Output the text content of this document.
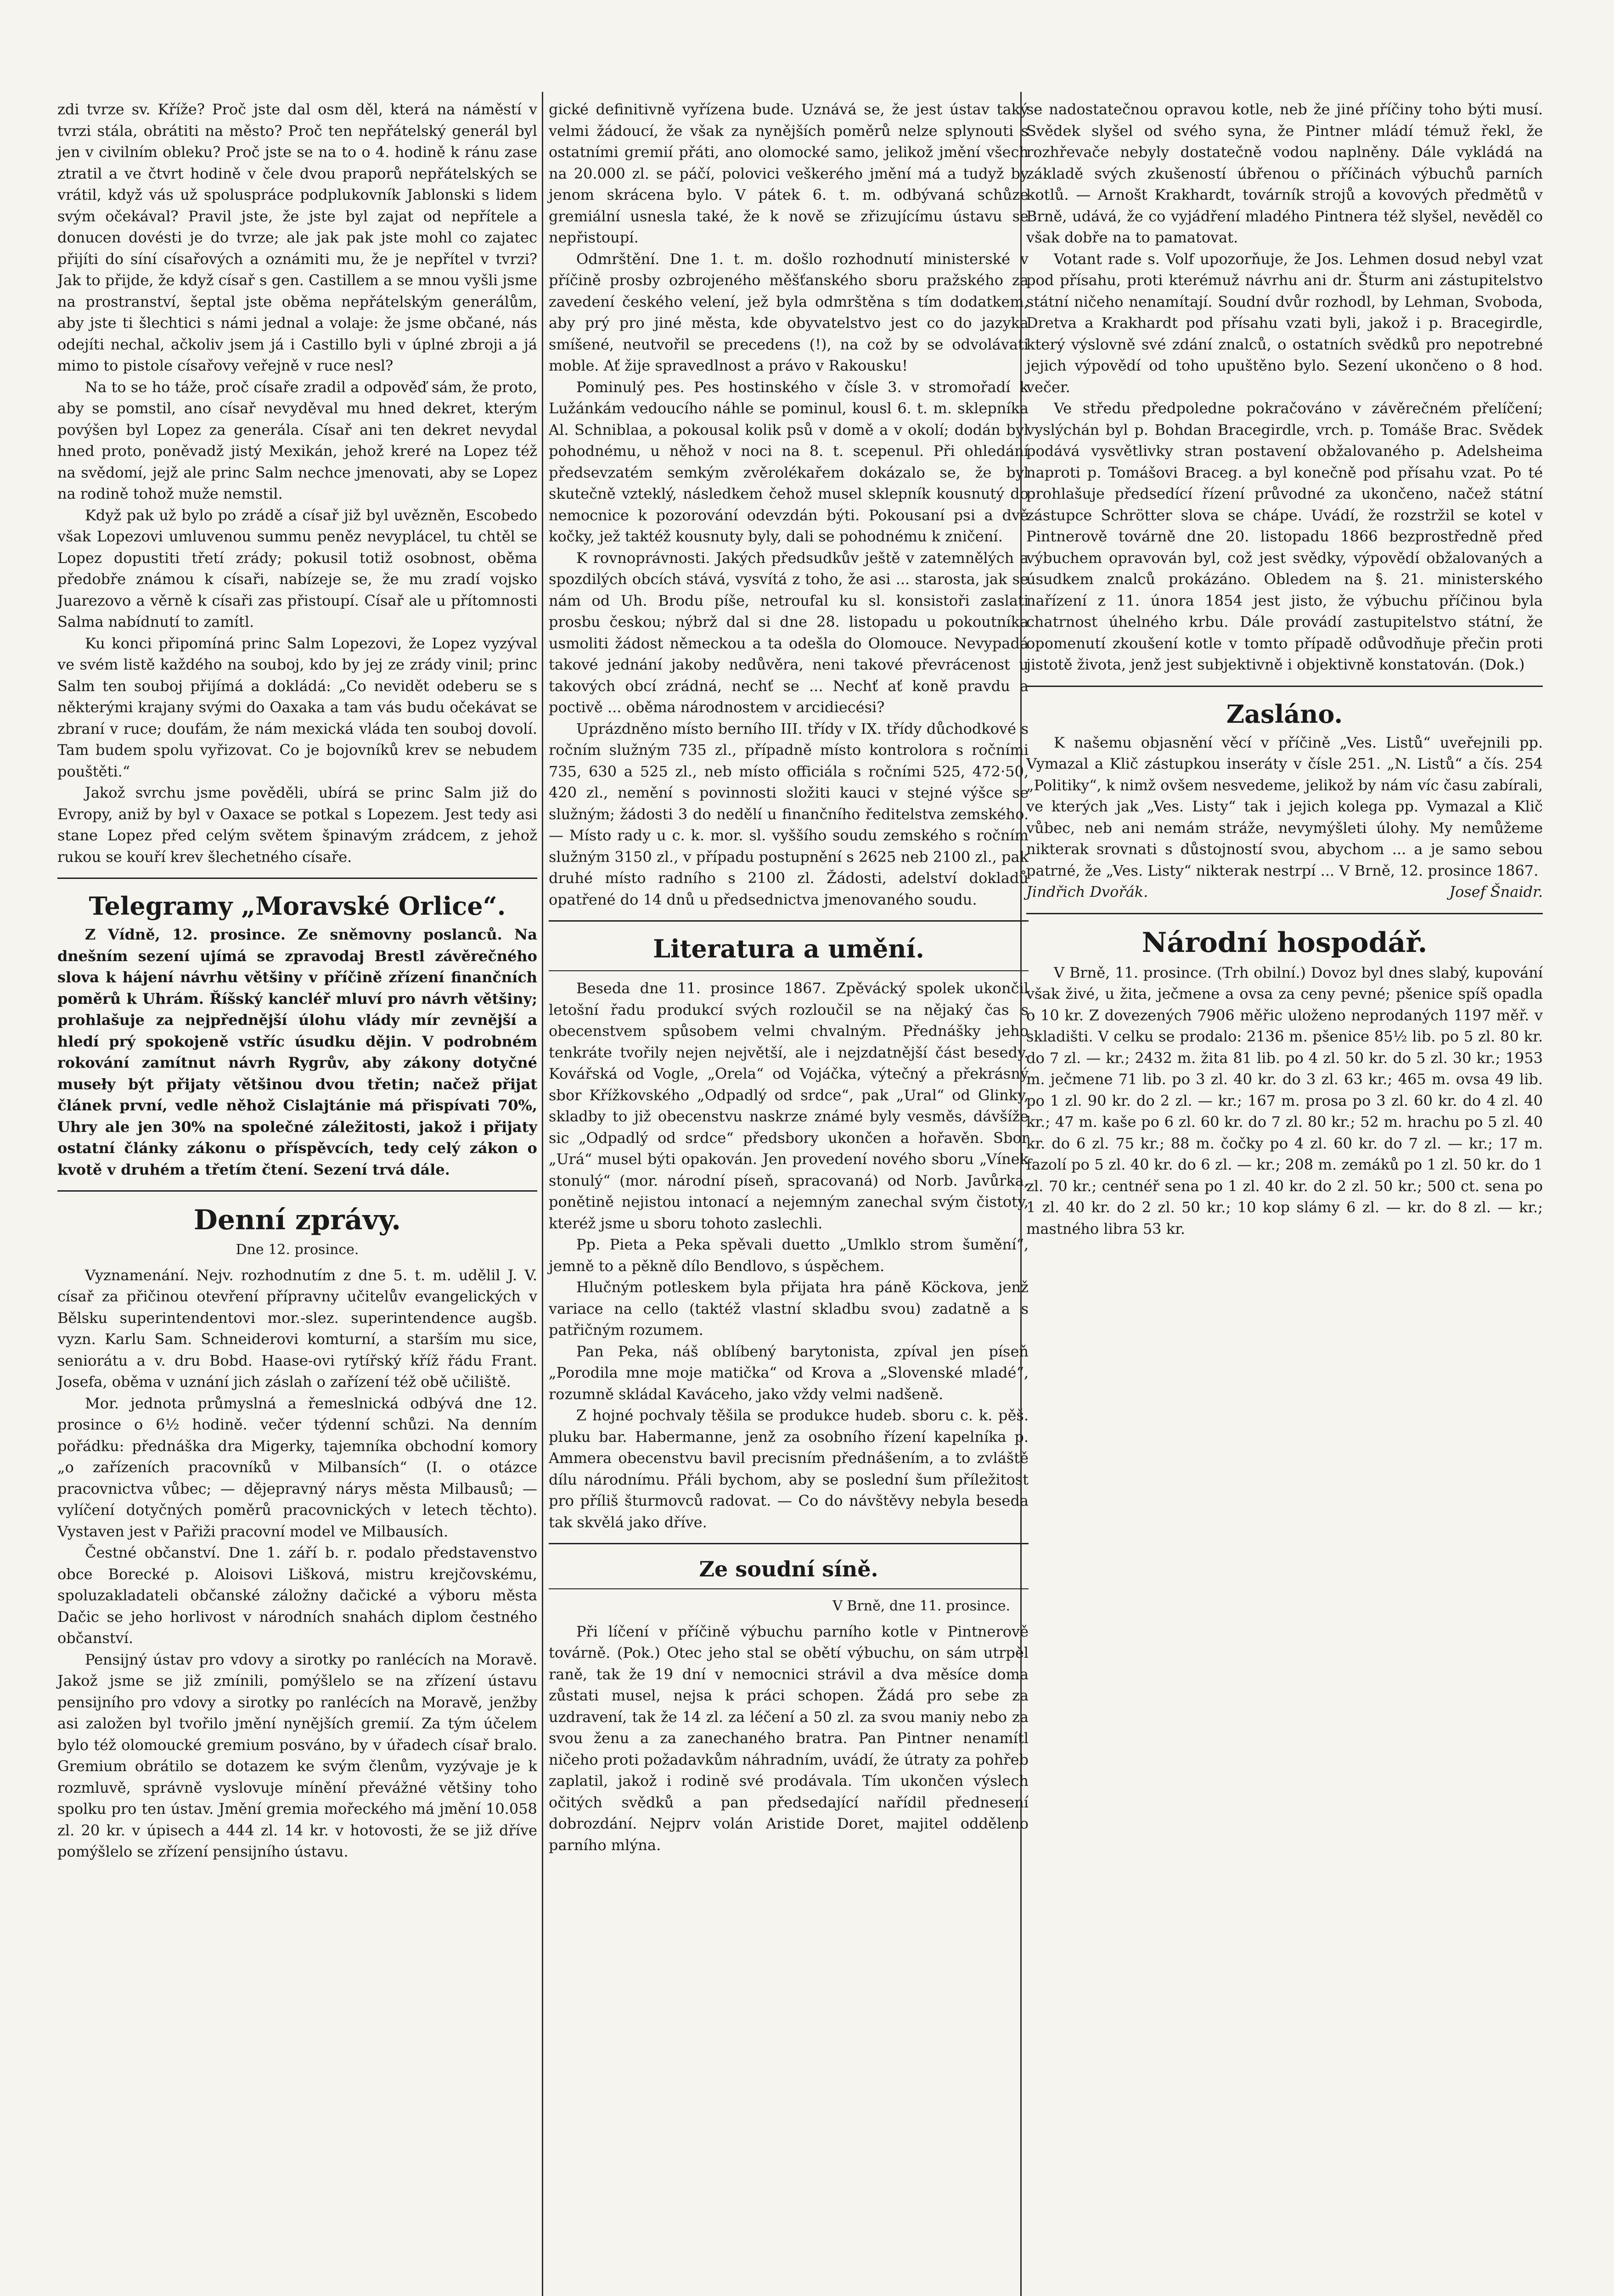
zdi tvrze sv. Kříže? Proč jste dal osm děl, která na náměstí v tvrzi stála, obrátiti na město? Proč ten nepřátelský generál byl jen v civilním obleku? Proč jste se na to o 4. hodině k ránu zase ztratil a ve čtvrt hodině v čele dvou praporů nepřátelských se vrátil, když vás už spoluspráce podplukovník Jablonski s lidem svým očekával? Pravil jste, že jste byl zajat od nepřítele a donucen dovésti je do tvrze; ale jak pak jste mohl co zajatec přijíti do síní císařových a oznámiti mu, že je nepřítel v tvrzi? Jak to přijde, že když císař s gen. Castillem a se mnou vyšli jsme na prostranství, šeptal jste oběma nepřátelským generálům, aby jste ti šlechtici s námi jednal a volaje: že jsme občané, nás odejíti nechal, ačkoliv jsem já i Castillo byli v úplné zbroji a já mimo to pistole císařovy veřejně v ruce nesl?

Na to se ho táže, proč císaře zradil a odpověď sám, že proto, aby se pomstil, ano císař nevyděval mu hned dekret, kterým povýšen byl Lopez za generála. Císař ani ten dekret nevydal hned proto, poněvadž jistý Mexikán, jehož kreré na Lopez též na svědomí, jejž ale princ Salm nechce jmenovati, aby se Lopez na rodině tohož muže nemstil.

Když pak už bylo po zrádě a císař již byl uvězněn, Escobedo však Lopezovi umluvenou summu peněz nevyplácel, tu chtěl se Lopez dopustiti třetí zrády; pokusil totiž osobnost, oběma předobře známou k císaři, nabízeje se, že mu zradí vojsko Juarezovo a věrně k císaři zas přistoupí. Císař ale u přítomnosti Salma nabídnutí to zamítl.

Ku konci připomíná princ Salm Lopezovi, že Lopez vyzýval ve svém listě každého na souboj, kdo by jej ze zrády vinil; princ Salm ten souboj přijímá a dokládá: „Co nevidět odeberu se s některými krajany svými do Oaxaka a tam vás budu očekávat se zbraní v ruce; doufám, že nám mexická vláda ten souboj dovolí. Tam budem spolu vyřizovat. Co je bojovníků krev se nebudem pouštěti.“

Jakož svrchu jsme pověděli, ubírá se princ Salm již do Evropy, aniž by byl v Oaxace se potkal s Lopezem. Jest tedy asi stane Lopez před celým světem špinavým zrádcem, z jehož rukou se kouří krev šlechetného císaře.

Telegramy „Moravské Orlice“.

Z Vídně, 12. prosince. Ze sněmovny poslanců. Na dnešním sezení ujímá se zpravodaj Brestl závěrečného slova k hájení návrhu většiny v příčině zřízení finančních poměrů k Uhrám. Říšský kancléř mluví pro návrh většiny; prohlašuje za nejpřednější úlohu vlády mír zevnější a hledí prý spokojeně vstříc úsudku dějin. V podrobném rokování zamítnut návrh Rygrův, aby zákony dotyčné museły být přijaty většinou dvou třetin; načež přijat článek první, vedle něhož Cislajtánie má přispívati 70%, Uhry ale jen 30% na společné záležitosti, jakož i přijaty ostatní články zákonu o příspěvcích, tedy celý zákon o kvotě v druhém a třetím čtení. Sezení trvá dále.

Denní zprávy.
Dne 12. prosince.

Vyznamenání. Nejv. rozhodnutím z dne 5. t. m. udělil J. V. císař za přičinou otevření přípravny učitelův evangelických v Bělsku superintendentovi mor.-slez. superintendence augšb. vyzn. Karlu Sam. Schneiderovi komturní, a starším mu sice, seniorátu a v. dru Bobd. Haase-ovi rytířský kříž řádu Frant. Josefa, oběma v uznání jich záslah o zařízení též obě učiliště.

Mor. jednota průmyslná a řemeslnická odbývá dne 12. prosince o 6½ hodině. večer týdenní schůzi. Na denním pořádku: přednáška dra Migerky, tajemníka obchodní komory „o zařízeních pracovníků v Milbansích“ (I. o otázce pracovnictva vůbec; — dějepravný nárys města Milbausů; — vylíčení dotyčných poměrů pracovnických v letech těchto). Vystaven jest v Pařiži pracovní model ve Milbausích.

Čestné občanství. Dne 1. září b. r. podalo představenstvo obce Borecké p. Aloisovi Lišková, mistru krejčovskému, spoluzakladateli občanské záložny dačické a výboru města Dačic se jeho horlivost v národních snahách diplom čestného občanství.

Pensijný ústav pro vdovy a sirotky po ranlécích na Moravě. Jakož jsme se již zmínili, pomýšlelo se na zřízení ústavu pensijního pro vdovy a sirotky po ranlécích na Moravě, jenžby asi založen byl tvořilo jmění nynějších gremií. Za tým účelem bylo též olomoucké gremium posváno, by v úřadech císař bralo. Gremium obrátilo se dotazem ke svým členům, vyzývaje je k rozmluvě, správně vyslovuje mínění převážné většiny toho spolku pro ten ústav. Jmění gremia mořeckého má jmění 10.058 zl. 20 kr. v úpisech a 444 zl. 14 kr. v hotovosti, že se již dříve pomýšlelo se zřízení pensijního ústavu.

gické definitivně vyřízena bude. Uznává se, že jest ústav taký velmi žádoucí, že však za nynějších poměrů nelze splynouti s ostatními gremií přáti, ano olomocké samo, jelikož jmění všech na 20.000 zl. se páčí, polovici veškerého jmění má a tudyž by jenom skrácena bylo. V pátek 6. t. m. odbývaná schůze gremiální usnesla také, že k nově se zřizujícímu ústavu se nepřistoupí.

Odmrštění. Dne 1. t. m. došlo rozhodnutí ministerské v příčině prosby ozbrojeného měšťanského sboru pražského za zavedení českého velení, jež byla odmrštěna s tím dodatkem, aby prý pro jiné města, kde obyvatelstvo jest co do jazyka smíšené, neutvořil se precedens (!), na což by se odvolávati moble. Ať žije spravedlnost a právo v Rakousku!

Pominulý pes. Pes hostinského v čísle 3. v stromořadí k Lužánkám vedoucího náhle se pominul, kousl 6. t. m. sklepníka Al. Schniblaa, a pokousal kolik psů v domě a v okolí; dodán byl pohodnému, u něhož v noci na 8. t. scepenul. Při ohledání předsevzatém semkým zvěrolékařem dokázalo se, že byl skutečně vzteklý, následkem čehož musel sklepník kousnutý do nemocnice k pozorování odevzdán býti. Pokousaní psi a dvě kočky, jež taktéž kousnuty byly, dali se pohodnému k zničení.

K rovnoprávnosti. Jakých předsudkův ještě v zatemnělých a spozdilých obcích stává, vysvítá z toho, že asi ... starosta, jak se nám od Uh. Brodu píše, netroufal ku sl. konsistoři zaslati prosbu českou; nýbrž dal si dne 28. listopadu u pokoutníka usmoliti žádost německou a ta odešla do Olomouce. Nevypadá takové jednání jakoby nedůvěra, neni takové převrácenost u takových obcí zrádná, nechť se ... Nechť ať koně pravdu a poctivě ... oběma národnostem v arcidiecési?

Uprázdněno místo berního III. třídy v IX. třídy důchodkové s ročním služným 735 zl., případně místo kontrolora s ročními 735, 630 a 525 zl., neb místo officiála s ročními 525, 472·50, 420 zl., nemění s povinnosti složiti kauci v stejné výšce se služným; žádosti 3 do nedělí u finančního ředitelstva zemského. — Místo rady u c. k. mor. sl. vyššího soudu zemského s ročním služným 3150 zl., v případu postupnění s 2625 neb 2100 zl., pak druhé místo radního s 2100 zl. Žádosti, adelství dokladů opatřené do 14 dnů u předsednictva jmenovaného soudu.

Literatura a umění.

Beseda dne 11. prosince 1867. Zpěvácký spolek ukončil letošní řadu produkcí svých rozloučil se na nějaký čas s obecenstvem spůsobem velmi chvalným. Přednášky jeho tenkráte tvořily nejen největší, ale i nejzdatnější část besedy. Kovářská od Vogle, „Orela“ od Vojáčka, výtečný a překrásný sbor Křížkovského „Odpadlý od srdce“, pak „Ural“ od Glinky, skladby to již obecenstvu naskrze známé byly vesměs, dávšíže sic „Odpadlý od srdce“ předsbory ukončen a hořavěn. Sbor „Urá“ musel býti opakován. Jen provedení nového sboru „Vínek stonulý“ (mor. národní píseň, spracovaná) od Norb. Javůrka, ponětině nejistou intonací a nejemným zanechal svým čistoty, kteréž jsme u sboru tohoto zaslechli.

Pp. Pieta a Peka spěvali duetto „Umlklo strom šumění“, jemně to a pěkně dílo Bendlovo, s úspěchem.

Hlučným potleskem byla přijata hra páně Köckova, jenž variace na cello (taktéž vlastní skladbu svou) zadatně a s patřičným rozumem.

Pan Peka, náš oblíbený barytonista, zpíval jen píseň „Porodila mne moje matička“ od Krova a „Slovenské mladé“, rozumně skládal Kaváceho, jako vždy velmi nadšeně.

Z hojné pochvaly těšila se produkce hudeb. sboru c. k. pěš. pluku bar. Habermanne, jenž za osobního řízení kapelníka p. Ammera obecenstvu bavil precisním přednášením, a to zvláště dílu národnímu. Přáli bychom, aby se poslední šum příležitost pro příliš šturmovců radovat. — Co do návštěvy nebyla beseda tak skvělá jako dříve.

Ze soudní síně.
V Brně, dne 11. prosince.

Při líčení v příčině výbuchu parního kotle v Pintnerově továrně. (Pok.) Otec jeho stal se obětí výbuchu, on sám utrpěl raně, tak že 19 dní v nemocnici strávil a dva měsíce doma zůstati musel, nejsa k práci schopen. Žádá pro sebe za uzdravení, tak že 14 zl. za léčení a 50 zl. za svou maniy nebo za svou ženu a za zanechaného bratra. Pan Pintner nenamítl ničeho proti požadavkům náhradním, uvádí, že útraty za pohřeb zaplatil, jakož i rodině své prodávala. Tím ukončen výslech očitých svědků a pan předsedající nařídil přednesení dobrozdání. Nejprv volán Aristide Doret, majitel odděleno parního mlýna.

se nadostatečnou opravou kotle, neb že jiné příčiny toho býti musí. Svědek slyšel od svého syna, že Pintner mládí témuž řekl, že rozhřevače nebyly dostatečně vodou naplněny. Dále vykládá na základě svých zkušeností úbřenou o příčinách výbuchů parních kotlů. — Arnošt Krakhardt, továrník strojů a kovových předmětů v Brně, udává, že co vyjádření mladého Pintnera též slyšel, nevěděl co však dobře na to pamatovat.

Votant rade s. Volf upozorňuje, že Jos. Lehmen dosud nebyl vzat pod přísahu, proti kterémuž návrhu ani dr. Šturm ani zástupitelstvo státní ničeho nenamítají. Soudní dvůr rozhodl, by Lehman, Svoboda, Dretva a Krakhardt pod přísahu vzati byli, jakož i p. Bracegirdle, který výslovně své zdání znalců, o ostatních svědků pro nepotrebné jejich výpovědí od toho upuštěno bylo. Sezení ukončeno o 8 hod. večer.

Ve středu předpoledne pokračováno v závěrečném přelíčení; vyslýchán byl p. Bohdan Bracegirdle, vrch. p. Tomáše Brac. Svědek podává vysvětlivky stran postavení obžalovaného p. Adelsheima naproti p. Tomášovi Braceg. a byl konečně pod přísahu vzat. Po té prohlašuje předsedící řízení průvodné za ukončeno, načež státní zástupce Schrötter slova se chápe. Uvádí, že rozstržil se kotel v Pintnerově továrně dne 20. listopadu 1866 bezprostředně před výbuchem opravován byl, což jest svědky, výpovědí obžalovaných a úsudkem znalců prokázáno. Obledem na §. 21. ministerského nařízení z 11. února 1854 jest jisto, že výbuchu příčinou byla chatrnost úhelného krbu. Dále provádí zastupitelstvo státní, že opomenutí zkoušení kotle v tomto případě odůvodňuje přečin proti jistotě života, jenž jest subjektivně i objektivně konstatován. (Dok.)

Zasláno.

K našemu objasnění věcí v příčině „Ves. Listů“ uveřejnili pp. Vymazal a Klič zástupkou inseráty v čísle 251. „N. Listů“ a čís. 254 „Politiky“, k nimž ovšem nesvedeme, jelikož by nám víc času zabírali, ve kterých jak „Ves. Listy“ tak i jejich kolega pp. Vymazal a Klič vůbec, neb ani nemám stráže, nevymýšleti úlohy. My nemůžeme nikterak srovnati s důstojností svou, abychom ... a je samo sebou patrné, že „Ves. Listy“ nikterak nestrpí ... V Brně, 12. prosince 1867.

Jindřich Dvořák.	Josef Šnaidr.
Národní hospodář.

V Brně, 11. prosince. (Trh obilní.) Dovoz byl dnes slabý, kupování však živé, u žita, ječmene a ovsa za ceny pevné; pšenice spíš opadla o 10 kr. Z dovezených 7906 měřic uloženo neprodaných 1197 měř. v skladišti. V celku se prodalo: 2136 m. pšenice 85½ lib. po 5 zl. 80 kr. do 7 zl. — kr.; 2432 m. žita 81 lib. po 4 zl. 50 kr. do 5 zl. 30 kr.; 1953 m. ječmene 71 lib. po 3 zl. 40 kr. do 3 zl. 63 kr.; 465 m. ovsa 49 lib. po 1 zl. 90 kr. do 2 zl. — kr.; 167 m. prosa po 3 zl. 60 kr. do 4 zl. 40 kr.; 47 m. kaše po 6 zl. 60 kr. do 7 zl. 80 kr.; 52 m. hrachu po 5 zl. 40 kr. do 6 zl. 75 kr.; 88 m. čočky po 4 zl. 60 kr. do 7 zl. — kr.; 17 m. fazolí po 5 zl. 40 kr. do 6 zl. — kr.; 208 m. zemáků po 1 zl. 50 kr. do 1 zl. 70 kr.; centnéř sena po 1 zl. 40 kr. do 2 zl. 50 kr.; 500 ct. sena po 1 zl. 40 kr. do 2 zl. 50 kr.; 10 kop slámy 6 zl. — kr. do 8 zl. — kr.; mastného libra 53 kr.
